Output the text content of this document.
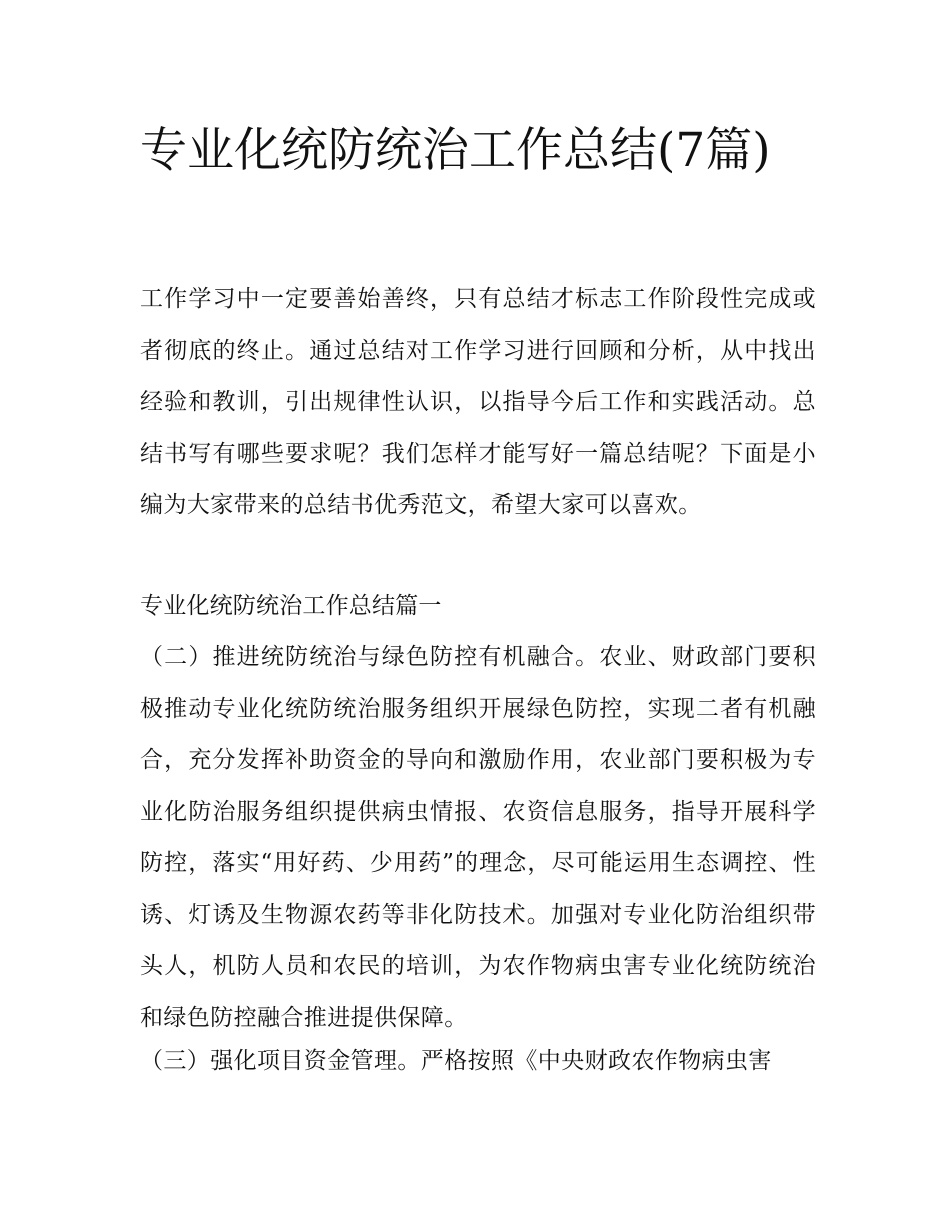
专业化统防统治工作总结(7篇)

工作学习中一定要善始善终，只有总结才标志工作阶段性完成或者彻底的终止。通过总结对工作学习进行回顾和分析，从中找出经验和教训，引出规律性认识，以指导今后工作和实践活动。总结书写有哪些要求呢？我们怎样才能写好一篇总结呢？下面是小编为大家带来的总结书优秀范文，希望大家可以喜欢。

专业化统防统治工作总结篇一

（二）推进统防统治与绿色防控有机融合。农业、财政部门要积极推动专业化统防统治服务组织开展绿色防控，实现二者有机融合，充分发挥补助资金的导向和激励作用，农业部门要积极为专业化防治服务组织提供病虫情报、农资信息服务，指导开展科学防控，落实“用好药、少用药”的理念，尽可能运用生态调控、性诱、灯诱及生物源农药等非化防技术。加强对专业化防治组织带头人，机防人员和农民的培训，为农作物病虫害专业化统防统治和绿色防控融合推进提供保障。

（三）强化项目资金管理。严格按照《中央财政农作物病虫害
